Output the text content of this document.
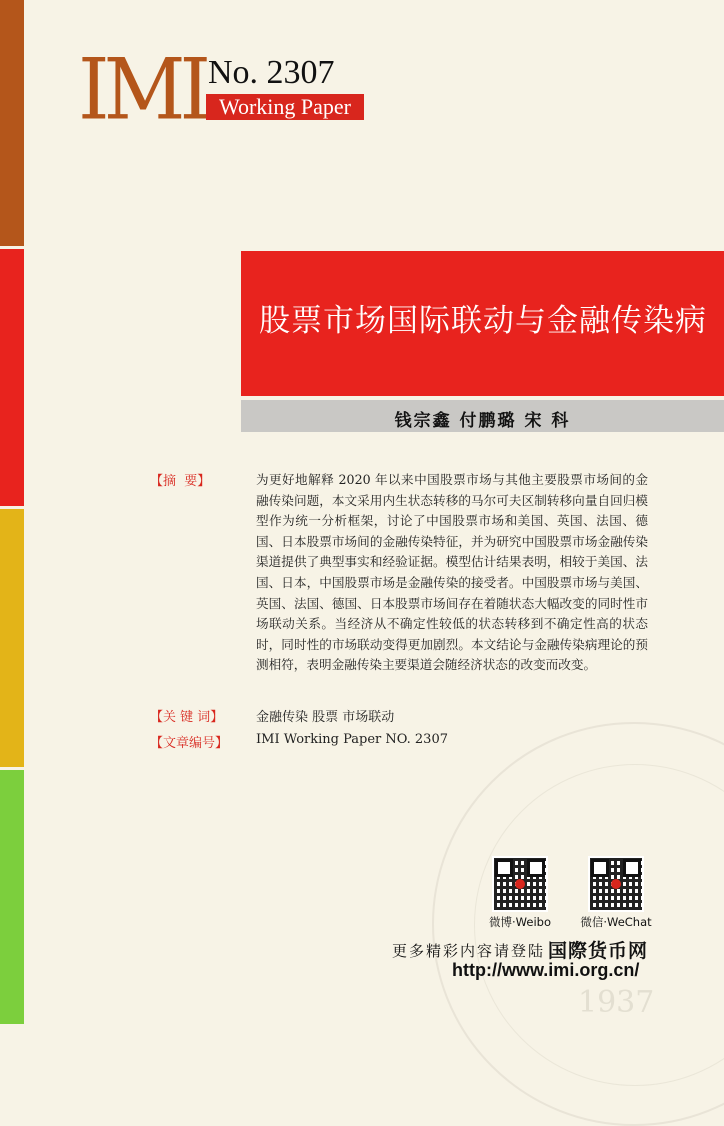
1937
IMI No. 2307
Working Paper
股票市场国际联动与金融传染病
钱宗鑫 付鹏璐 宋 科
【摘  要】	为更好地解释 2020 年以来中国股票市场与其他主要股票市场间的金融传染问题，本文采用内生状态转移的马尔可夫区制转移向量自回归模型作为统一分析框架，讨论了中国股票市场和美国、英国、法国、德国、日本股票市场间的金融传染特征，并为研究中国股票市场金融传染渠道提供了典型事实和经验证据。模型估计结果表明，相较于美国、法国、日本，中国股票市场是金融传染的接受者。中国股票市场与美国、英国、法国、德国、日本股票市场间存在着随状态大幅改变的同时性市场联动关系。当经济从不确定性较低的状态转移到不确定性高的状态时，同时性的市场联动变得更加剧烈。本文结论与金融传染病理论的预测相符，表明金融传染主要渠道会随经济状态的改变而改变。
【关 键 词】	金融传染 股票 市场联动
【文章编号】	IMI Working Paper NO. 2307
微博·Weibo	微信·WeChat
更多精彩内容请登陆 国際货币网
http://www.imi.org.cn/
